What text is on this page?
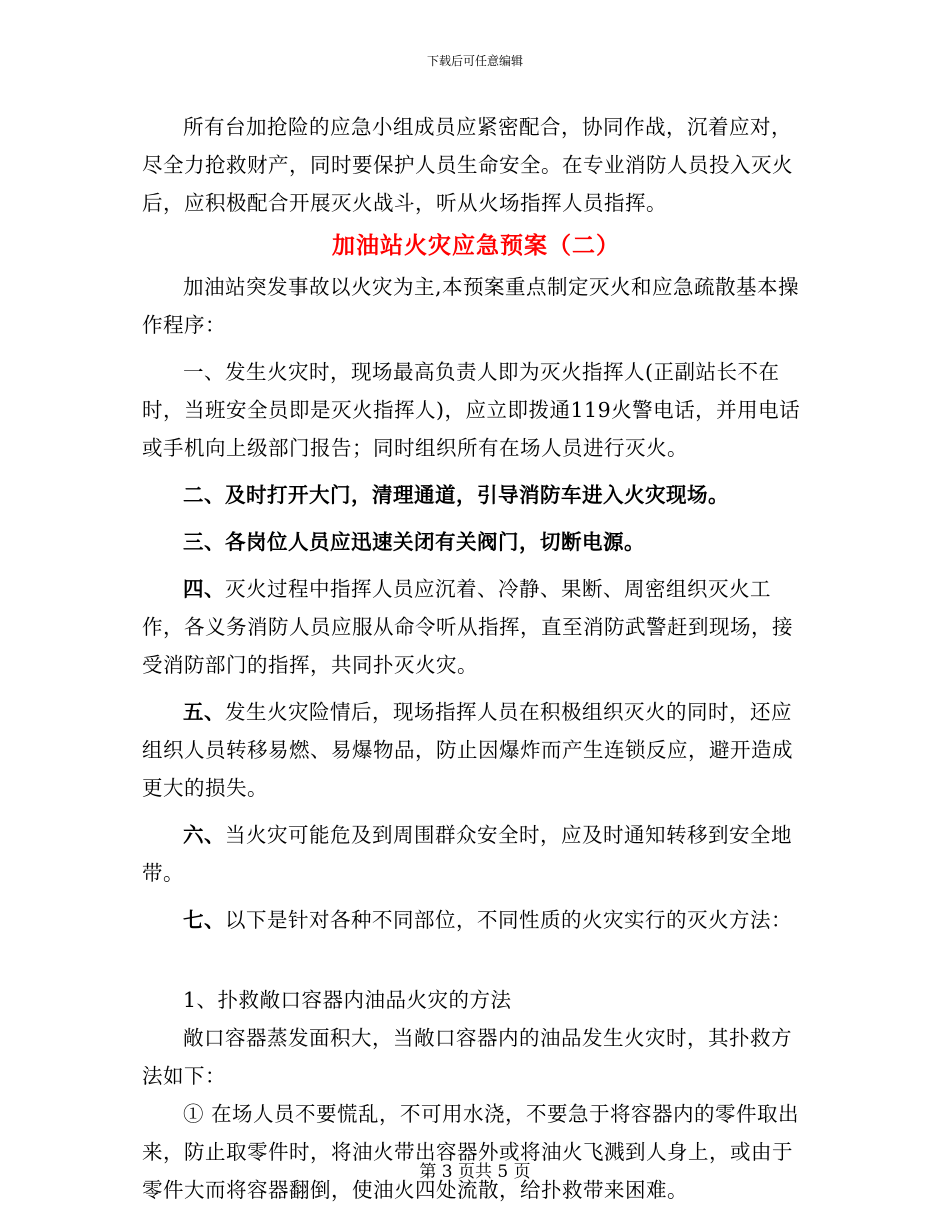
下载后可任意编辑

所有台加抢险的应急小组成员应紧密配合，协同作战，沉着应对，尽全力抢救财产，同时要保护人员生命安全。在专业消防人员投入灭火后，应积极配合开展灭火战斗，听从火场指挥人员指挥。

加油站火灾应急预案（二）

加油站突发事故以火灾为主,本预案重点制定灭火和应急疏散基本操作程序：

一、发生火灾时，现场最高负责人即为灭火指挥人(正副站长不在时，当班安全员即是灭火指挥人)，应立即拨通119火警电话，并用电话或手机向上级部门报告；同时组织所有在场人员进行灭火。

二、及时打开大门，清理通道，引导消防车进入火灾现场。

三、各岗位人员应迅速关闭有关阀门，切断电源。

四、灭火过程中指挥人员应沉着、冷静、果断、周密组织灭火工作，各义务消防人员应服从命令听从指挥，直至消防武警赶到现场，接受消防部门的指挥，共同扑灭火灾。

五、发生火灾险情后，现场指挥人员在积极组织灭火的同时，还应组织人员转移易燃、易爆物品，防止因爆炸而产生连锁反应，避开造成更大的损失。

六、当火灾可能危及到周围群众安全时，应及时通知转移到安全地带。

七、以下是针对各种不同部位，不同性质的火灾实行的灭火方法：

1、扑救敞口容器内油品火灾的方法

敞口容器蒸发面积大，当敞口容器内的油品发生火灾时，其扑救方法如下：

① 在场人员不要慌乱，不可用水浇，不要急于将容器内的零件取出来，防止取零件时，将油火带出容器外或将油火飞溅到人身上，或由于零件大而将容器翻倒，使油火四处流散，给扑救带来困难。

第 3 页共 5 页
